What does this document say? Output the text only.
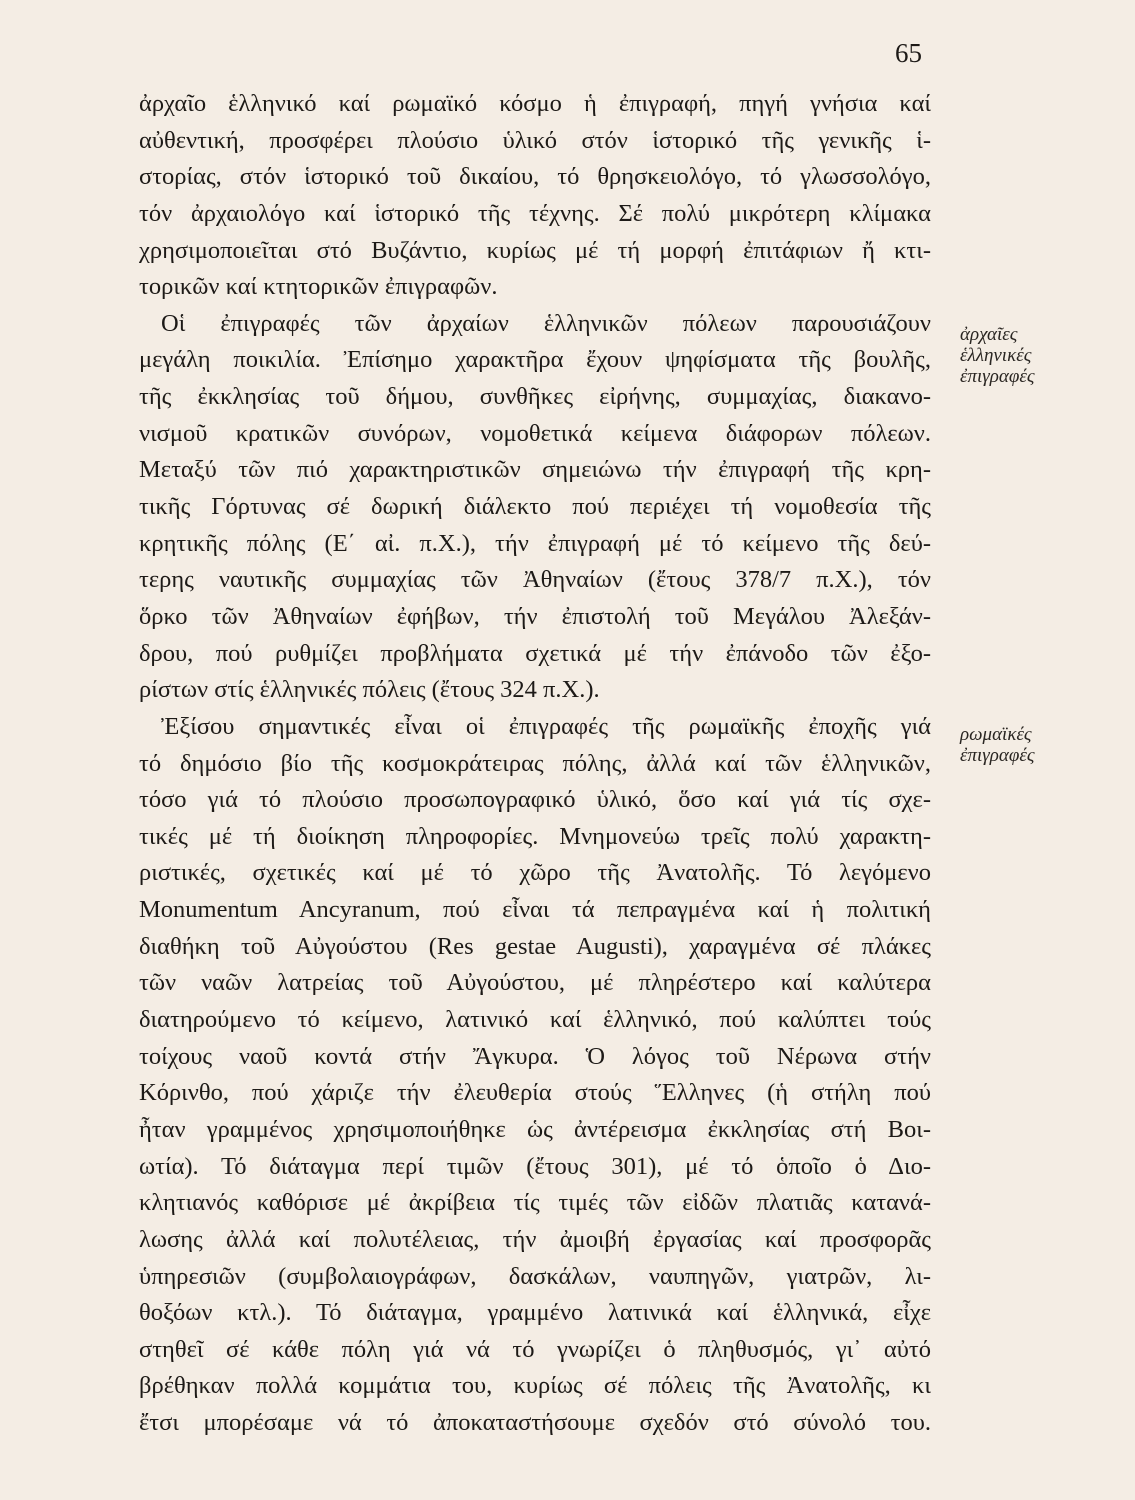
65
ἀρχαῖες
ἑλληνικές
ἐπιγραφές
ρωμαϊκές
ἐπιγραφές
ἀρχαῖο ἑλληνικό καί ρωμαϊκό κόσμο ἡ ἐπιγραφή, πηγή γνήσια καί
αὐθεντική, προσφέρει πλούσιο ὑλικό στόν ἱστορικό τῆς γενικῆς ἱ-
στορίας, στόν ἱστορικό τοῦ δικαίου, τό θρησκειολόγο, τό γλωσσολόγο,
τόν ἀρχαιολόγο καί ἱστορικό τῆς τέχνης. Σέ πολύ μικρότερη κλίμακα
χρησιμοποιεῖται στό Βυζάντιο, κυρίως μέ τή μορφή ἐπιτάφιων ἤ κτι-
τορικῶν καί κτητορικῶν ἐπιγραφῶν.
Οἱ ἐπιγραφές τῶν ἀρχαίων ἑλληνικῶν πόλεων παρουσιάζουν
μεγάλη ποικιλία. Ἐπίσημο χαρακτῆρα ἔχουν ψηφίσματα τῆς βουλῆς,
τῆς ἐκκλησίας τοῦ δήμου, συνθῆκες εἰρήνης, συμμαχίας, διακανο-
νισμοῦ κρατικῶν συνόρων, νομοθετικά κείμενα διάφορων πόλεων.
Μεταξύ τῶν πιό χαρακτηριστικῶν σημειώνω τήν ἐπιγραφή τῆς κρη-
τικῆς Γόρτυνας σέ δωρική διάλεκτο πού περιέχει τή νομοθεσία τῆς
κρητικῆς πόλης (Ε΄ αἰ. π.Χ.), τήν ἐπιγραφή μέ τό κείμενο τῆς δεύ-
τερης ναυτικῆς συμμαχίας τῶν Ἀθηναίων (ἔτους 378/7 π.Χ.), τόν
ὅρκο τῶν Ἀθηναίων ἐφήβων, τήν ἐπιστολή τοῦ Μεγάλου Ἀλεξάν-
δρου, πού ρυθμίζει προβλήματα σχετικά μέ τήν ἐπάνοδο τῶν ἐξο-
ρίστων στίς ἑλληνικές πόλεις (ἔτους 324 π.Χ.).
Ἐξίσου σημαντικές εἶναι οἱ ἐπιγραφές τῆς ρωμαϊκῆς ἐποχῆς γιά
τό δημόσιο βίο τῆς κοσμοκράτειρας πόλης, ἀλλά καί τῶν ἑλληνικῶν,
τόσο γιά τό πλούσιο προσωπογραφικό ὑλικό, ὅσο καί γιά τίς σχε-
τικές μέ τή διοίκηση πληροφορίες. Μνημονεύω τρεῖς πολύ χαρακτη-
ριστικές, σχετικές καί μέ τό χῶρο τῆς Ἀνατολῆς. Τό λεγόμενο
Monumentum Ancyranum, πού εἶναι τά πεπραγμένα καί ἡ πολιτική
διαθήκη τοῦ Αὐγούστου (Res gestae Augusti), χαραγμένα σέ πλάκες
τῶν ναῶν λατρείας τοῦ Αὐγούστου, μέ πληρέστερο καί καλύτερα
διατηρούμενο τό κείμενο, λατινικό καί ἑλληνικό, πού καλύπτει τούς
τοίχους ναοῦ κοντά στήν Ἄγκυρα. Ὁ λόγος τοῦ Νέρωνα στήν
Κόρινθο, πού χάριζε τήν ἐλευθερία στούς Ἕλληνες (ἡ στήλη πού
ἦταν γραμμένος χρησιμοποιήθηκε ὡς ἀντέρεισμα ἐκκλησίας στή Βοι-
ωτία). Τό διάταγμα περί τιμῶν (ἔτους 301), μέ τό ὁποῖο ὁ Διο-
κλητιανός καθόρισε μέ ἀκρίβεια τίς τιμές τῶν εἰδῶν πλατιᾶς κατανά-
λωσης ἀλλά καί πολυτέλειας, τήν ἀμοιβή ἐργασίας καί προσφορᾶς
ὑπηρεσιῶν (συμβολαιογράφων, δασκάλων, ναυπηγῶν, γιατρῶν, λι-
θοξόων κτλ.). Τό διάταγμα, γραμμένο λατινικά καί ἑλληνικά, εἶχε
στηθεῖ σέ κάθε πόλη γιά νά τό γνωρίζει ὁ πληθυσμός, γι᾿ αὐτό
βρέθηκαν πολλά κομμάτια του, κυρίως σέ πόλεις τῆς Ἀνατολῆς, κι
ἔτσι μπορέσαμε νά τό ἀποκαταστήσουμε σχεδόν στό σύνολό του.
